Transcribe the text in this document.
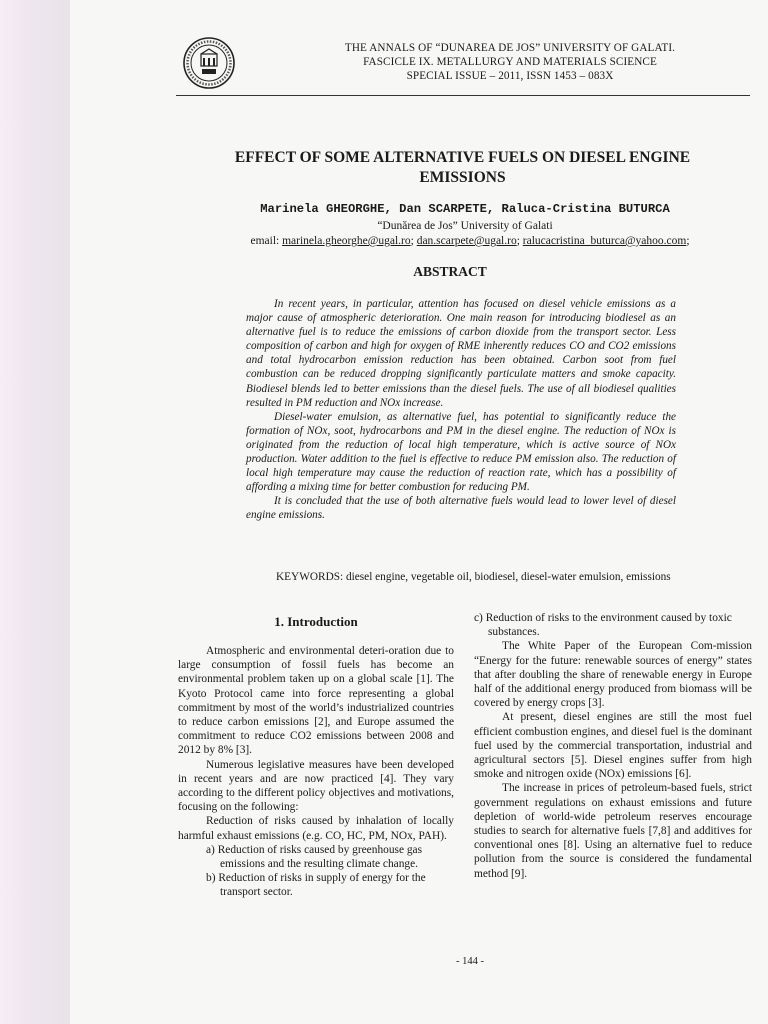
THE ANNALS OF “DUNAREA DE JOS” UNIVERSITY OF GALATI.
FASCICLE IX. METALLURGY AND MATERIALS SCIENCE
SPECIAL ISSUE – 2011, ISSN 1453 – 083X
EFFECT OF SOME ALTERNATIVE FUELS ON DIESEL ENGINE
EMISSIONS
Marinela GHEORGHE, Dan SCARPETE, Raluca-Cristina BUTURCA
“Dunărea de Jos” University of Galati
email: marinela.gheorghe@ugal.ro; dan.scarpete@ugal.ro; ralucacristina_buturca@yahoo.com;
ABSTRACT

In recent years, in particular, attention has focused on diesel vehicle emissions as a major cause of atmospheric deterioration. One main reason for introducing biodiesel as an alternative fuel is to reduce the emissions of carbon dioxide from the transport sector. Less composition of carbon and high for oxygen of RME inherently reduces CO and CO2 emissions and total hydrocarbon emission reduction has been obtained. Carbon soot from fuel combustion can be reduced dropping significantly particulate matters and smoke capacity. Biodiesel blends led to better emissions than the diesel fuels. The use of all biodiesel qualities resulted in PM reduction and NOx increase.

Diesel-water emulsion, as alternative fuel, has potential to significantly reduce the formation of NOx, soot, hydrocarbons and PM in the diesel engine. The reduction of NOx is originated from the reduction of local high temperature, which is active source of NOx production. Water addition to the fuel is effective to reduce PM emission also. The reduction of local high temperature may cause the reduction of reaction rate, which has a possibility of affording a mixing time for better combustion for reducing PM.

It is concluded that the use of both alternative fuels would lead to lower level of diesel engine emissions.

KEYWORDS: diesel engine, vegetable oil, biodiesel, diesel-water emulsion, emissions
1. Introduction

Atmospheric and environmental deteri-oration due to large consumption of fossil fuels has become an environmental problem taken up on a global scale [1]. The Kyoto Protocol came into force representing a global commitment by most of the world’s industrialized countries to reduce carbon emissions [2], and Europe assumed the commitment to reduce CO2 emissions between 2008 and 2012 by 8% [3].

Numerous legislative measures have been developed in recent years and are now practiced [4]. They vary according to the different policy objectives and motivations, focusing on the following:

Reduction of risks caused by inhalation of locally harmful exhaust emissions (e.g. CO, HC, PM, NOx, PAH).

a) Reduction of risks caused by greenhouse gas emissions and the resulting climate change.
b) Reduction of risks in supply of energy for the transport sector.
c) Reduction of risks to the environment caused by toxic substances.

The White Paper of the European Com-mission “Energy for the future: renewable sources of energy” states that after doubling the share of renewable energy in Europe half of the additional energy produced from biomass will be covered by energy crops [3].

At present, diesel engines are still the most fuel efficient combustion engines, and diesel fuel is the dominant fuel used by the commercial transportation, industrial and agricultural sectors [5]. Diesel engines suffer from high smoke and nitrogen oxide (NOx) emissions [6].

The increase in prices of petroleum-based fuels, strict government regulations on exhaust emissions and future depletion of world-wide petroleum reserves encourage studies to search for alternative fuels [7,8] and additives for conventional ones [8]. Using an alternative fuel to reduce pollution from the source is considered the fundamental method [9].

- 144 -
